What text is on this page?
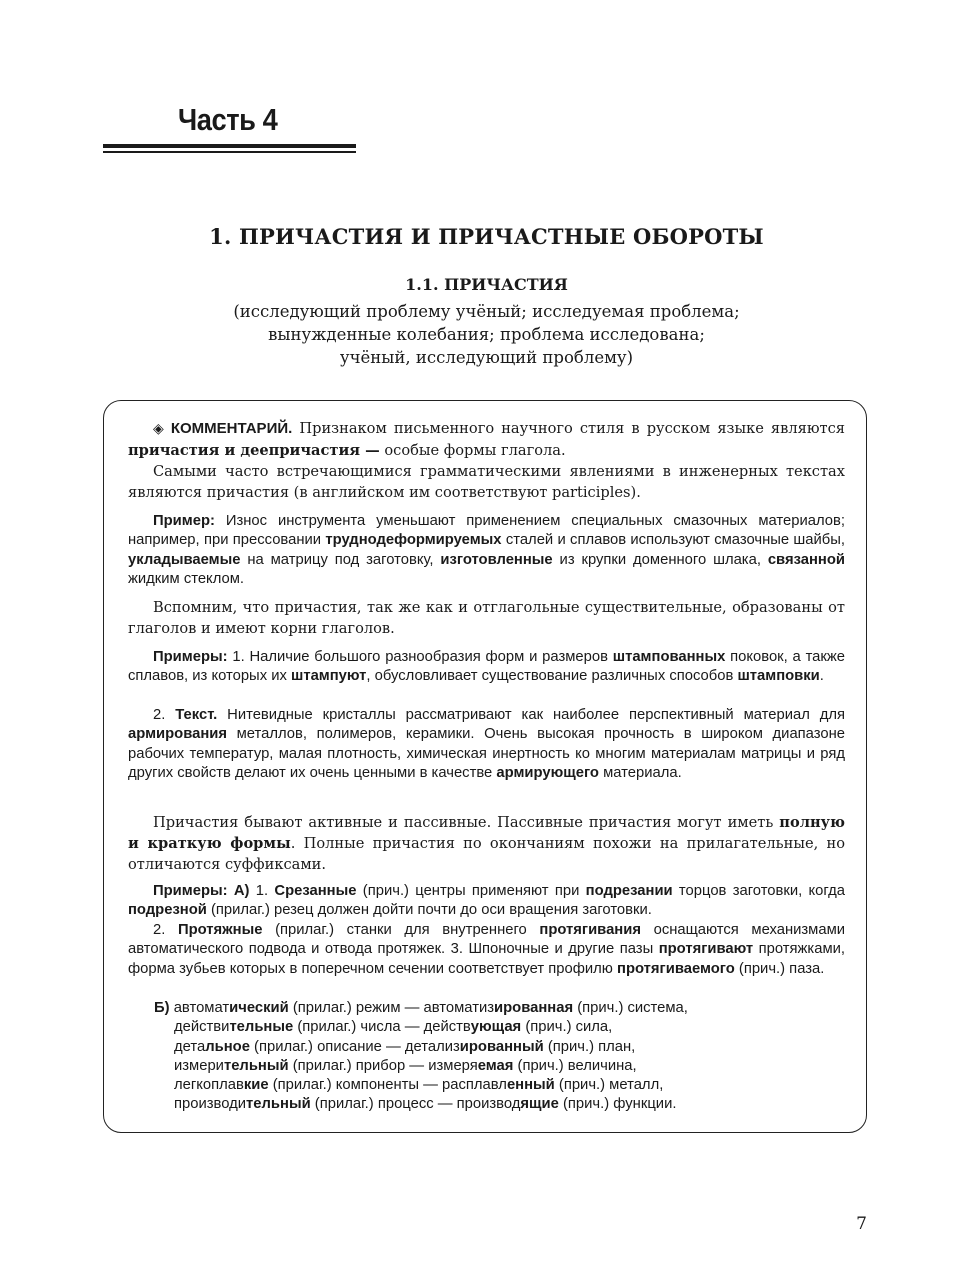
Часть 4
1. ПРИЧАСТИЯ И ПРИЧАСТНЫЕ ОБОРОТЫ
1.1. ПРИЧАСТИЯ
(исследующий проблему учёный; исследуемая проблема;
вынужденные колебания; проблема исследована;
учёный, исследующий проблему)
◈ КОММЕНТАРИЙ. Признаком письменного научного стиля в русском языке являются причастия и деепричастия — особые формы глагола.
Самыми часто встречающимися грамматическими явлениями в инженерных текстах являются причастия (в английском им соответствуют participles).
Пример: Износ инструмента уменьшают применением специальных смазочных материалов; например, при прессовании труднодеформируемых сталей и сплавов используют смазочные шайбы, укладываемые на матрицу под заготовку, изготовленные из крупки доменного шлака, связанной жидким стеклом.
Вспомним, что причастия, так же как и отглагольные существительные, образованы от глаголов и имеют корни глаголов.
Примеры: 1. Наличие большого разнообразия форм и размеров штампованных поковок, а также сплавов, из которых их штампуют, обусловливает существование различных способов штамповки.
2. Текст. Нитевидные кристаллы рассматривают как наиболее перспективный материал для армирования металлов, полимеров, керамики. Очень высокая прочность в широком диапазоне рабочих температур, малая плотность, химическая инертность ко многим материалам матрицы и ряд других свойств делают их очень ценными в качестве армирующего материала.
Причастия бывают активные и пассивные. Пассивные причастия могут иметь полную и краткую формы. Полные причастия по окончаниям похожи на прилагательные, но отличаются суффиксами.
Примеры: А) 1. Срезанные (прич.) центры применяют при подрезании торцов заготовки, когда подрезной (прилаг.) резец должен дойти почти до оси вращения заготовки.
2. Протяжные (прилаг.) станки для внутреннего протягивания оснащаются механизмами автоматического подвода и отвода протяжек. 3. Шпоночные и другие пазы протягивают протяжками, форма зубьев которых в поперечном сечении соответствует профилю протягиваемого (прич.) паза.
Б) автоматический (прилаг.) режим — автоматизированная (прич.) система,
действительные (прилаг.) числа — действующая (прич.) сила,
детальное (прилаг.) описание — детализированный (прич.) план,
измерительный (прилаг.) прибор — измеряемая (прич.) величина,
легкоплавкие (прилаг.) компоненты — расплавленный (прич.) металл,
производительный (прилаг.) процесс — производящие (прич.) функции.
7
